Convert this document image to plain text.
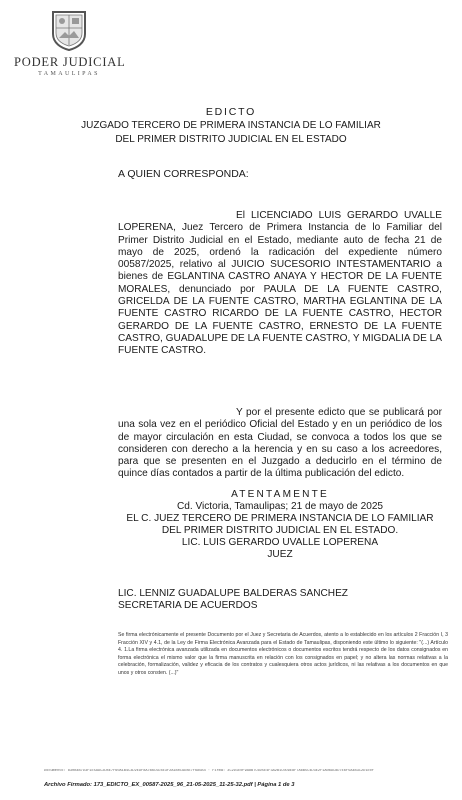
PODER JUDICIAL
TAMAULIPAS
EDICTO
JUZGADO TERCERO DE PRIMERA INSTANCIA DE LO FAMILIAR
DEL PRIMER DISTRITO JUDICIAL EN EL ESTADO
A QUIEN CORRESPONDA:
El LICENCIADO LUIS GERARDO UVALLE LOPERENA, Juez Tercero de Primera Instancia de lo Familiar del Primer Distrito Judicial en el Estado, mediante auto de fecha 21 de mayo de 2025, ordenó la radicación del expediente número 00587/2025, relativo al JUICIO SUCESORIO INTESTAMENTARIO a bienes de EGLANTINA CASTRO ANAYA Y HECTOR DE LA FUENTE MORALES, denunciado por PAULA DE LA FUENTE CASTRO, GRICELDA DE LA FUENTE CASTRO, MARTHA EGLANTINA DE LA FUENTE CASTRO RICARDO DE LA FUENTE CASTRO, HECTOR GERARDO DE LA FUENTE CASTRO, ERNESTO DE LA FUENTE CASTRO, GUADALUPE DE LA FUENTE CASTRO, Y MIGDALIA DE LA FUENTE CASTRO.
Y por el presente edicto que se publicará por una sola vez en el periódico Oficial del Estado y en un periódico de los de mayor circulación en esta Ciudad, se convoca a todos los que se consideren con derecho a la herencia y en su caso a los acreedores, para que se presenten en el Juzgado a deducirlo en el término de quince días contados a partir de la última publicación del edicto.
ATENTAMENTE
Cd. Victoria, Tamaulipas; 21 de mayo de 2025
EL C. JUEZ TERCERO DE PRIMERA INSTANCIA DE LO FAMILIAR
DEL PRIMER DISTRITO JUDICIAL EN EL ESTADO.
LIC. LUIS GERARDO UVALLE LOPERENA
JUEZ
LIC. LENNIZ GUADALUPE BALDERAS SANCHEZ
SECRETARIA DE ACUERDOS
Se firma electrónicamente el presente Documento por el Juez y Secretaria de Acuerdos, atento a lo establecido en los artículos 2 Fracción I, 3 Fracción XIV y 4.1, de la Ley de Firma Electrónica Avanzada para el Estado de Tamaulipas, disponiendo este último lo siguiente: "(...) Artículo 4. 1.La firma electrónica avanzada utilizada en documentos electrónicos o documentos escritos tendrá respecto de los datos consignados en forma electrónica el mismo valor que la firma manuscrita en relación con los consignados en papel; y no altera las normas relativas a la celebración, formalización, validez y eficacia de los contratos y cualesquiera otros actos jurídicos, ni las relativas a los documentos en que unos y otros consten. (...)"
Documento: 830B4B7D3F1E5A9C2D8E7F60A1B4C3D2E9F8A7B6C5D4E3F2A1B0C9D8E7F6A5B4 · Firma: 3C2D1E0F9A8B7C6D5E4F3A2B1C0D9E8F7A6B5C4D3E2F1A0B9C8D7E6F5A4B3C2D1E0F
Archivo Firmado: 173_EDICTO_EX_00587-2025_96_21-05-2025_11-25-32.pdf | Página 1 de 3
